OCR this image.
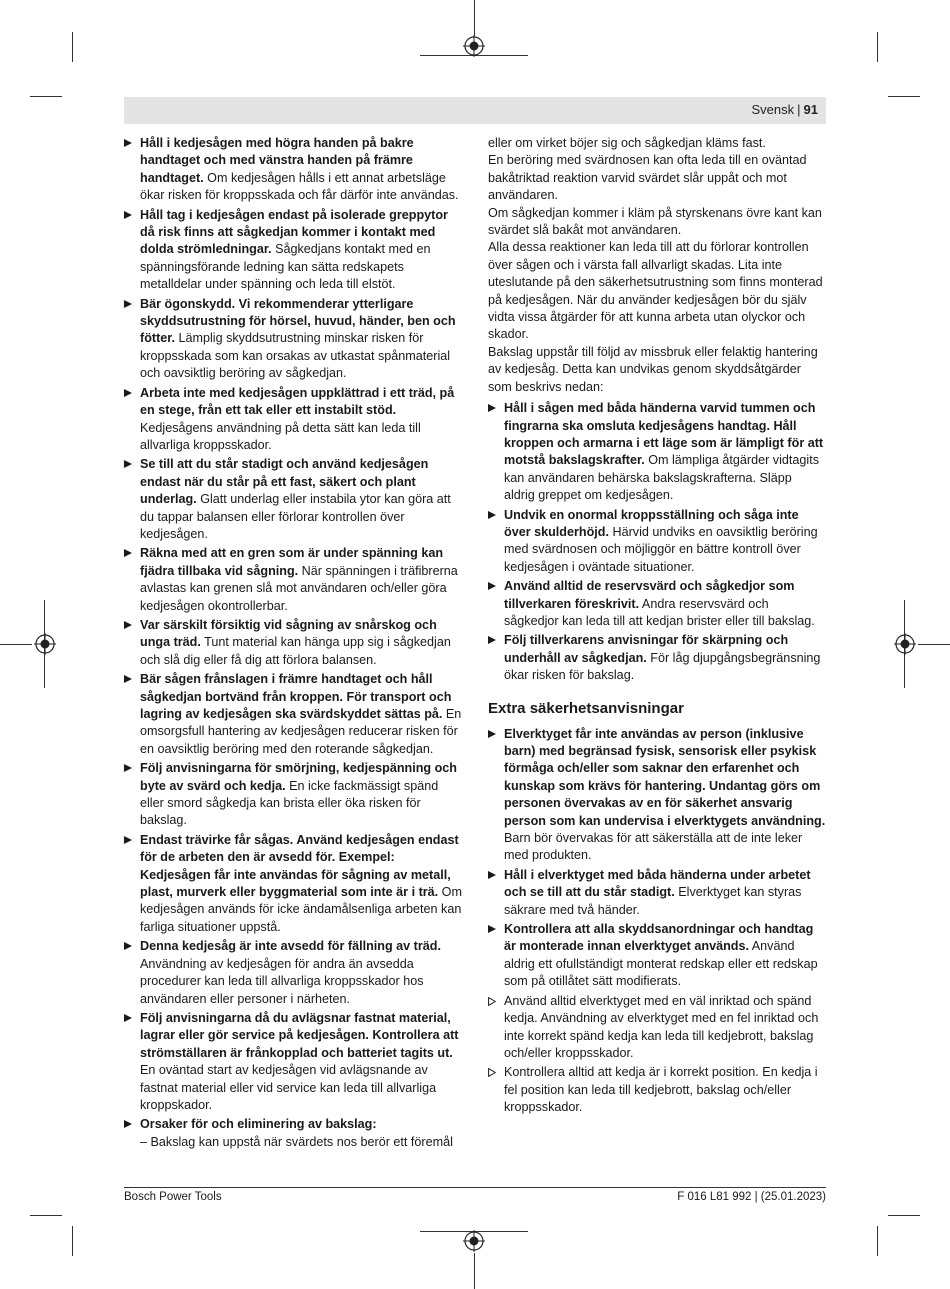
Svensk | 91
Håll i kedjesågen med högra handen på bakre handtaget och med vänstra handen på främre handtaget. Om kedjesågen hålls i ett annat arbetsläge ökar risken för kroppsskada och får därför inte användas.
Håll tag i kedjesågen endast på isolerade greppytor då risk finns att sågkedjan kommer i kontakt med dolda strömledningar. Sågkedjans kontakt med en spänningsförande ledning kan sätta redskapets metalldelar under spänning och leda till elstöt.
Bär ögonskydd. Vi rekommenderar ytterligare skyddsutrustning för hörsel, huvud, händer, ben och fötter. Lämplig skyddsutrustning minskar risken för kroppsskada som kan orsakas av utkastat spånmaterial och oavsiktlig beröring av sågkedjan.
Arbeta inte med kedjesågen uppklättrad i ett träd, på en stege, från ett tak eller ett instabilt stöd. Kedjesågens användning på detta sätt kan leda till allvarliga kroppsskador.
Se till att du står stadigt och använd kedjesågen endast när du står på ett fast, säkert och plant underlag. Glatt underlag eller instabila ytor kan göra att du tappar balansen eller förlorar kontrollen över kedjesågen.
Räkna med att en gren som är under spänning kan fjädra tillbaka vid sågning. När spänningen i träfibrerna avlastas kan grenen slå mot användaren och/eller göra kedjesågen okontrollerbar.
Var särskilt försiktig vid sågning av snårskog och unga träd. Tunt material kan hänga upp sig i sågkedjan och slå dig eller få dig att förlora balansen.
Bär sågen frånslagen i främre handtaget och håll sågkedjan bortvänd från kroppen. För transport och lagring av kedjesågen ska svärdskyddet sättas på. En omsorgsfull hantering av kedjesågen reducerar risken för en oavsiktlig beröring med den roterande sågkedjan.
Följ anvisningarna för smörjning, kedjespänning och byte av svärd och kedja. En icke fackmässigt spänd eller smord sågkedja kan brista eller öka risken för bakslag.
Endast trävirke får sågas. Använd kedjesågen endast för de arbeten den är avsedd för. Exempel: Kedjesågen får inte användas för sågning av metall, plast, murverk eller byggmaterial som inte är i trä. Om kedjesågen används för icke ändamålsenliga arbeten kan farliga situationer uppstå.
Denna kedjesåg är inte avsedd för fällning av träd. Användning av kedjesågen för andra än avsedda procedurer kan leda till allvarliga kroppsskador hos användaren eller personer i närheten.
Följ anvisningarna då du avlägsnar fastnat material, lagrar eller gör service på kedjesågen. Kontrollera att strömställaren är frånkopplad och batteriet tagits ut. En oväntad start av kedjesågen vid avlägsnande av fastnat material eller vid service kan leda till allvarliga kroppskador.
Orsaker för och eliminering av bakslag:
– Bakslag kan uppstå när svärdets nos berör ett föremål
eller om virket böjer sig och sågkedjan kläms fast.
En beröring med svärdnosen kan ofta leda till en oväntad bakåtriktad reaktion varvid svärdet slår uppåt och mot användaren.
Om sågkedjan kommer i kläm på styrskenans övre kant kan svärdet slå bakåt mot användaren.
Alla dessa reaktioner kan leda till att du förlorar kontrollen över sågen och i värsta fall allvarligt skadas. Lita inte uteslutande på den säkerhetsutrustning som finns monterad på kedjesågen. När du använder kedjesågen bör du själv vidta vissa åtgärder för att kunna arbeta utan olyckor och skador.
Bakslag uppstår till följd av missbruk eller felaktig hantering av kedjesåg. Detta kan undvikas genom skyddsåtgärder som beskrivs nedan:
Håll i sågen med båda händerna varvid tummen och fingrarna ska omsluta kedjesågens handtag. Håll kroppen och armarna i ett läge som är lämpligt för att motstå bakslagskrafter. Om lämpliga åtgärder vidtagits kan användaren behärska bakslagskrafterna. Släpp aldrig greppet om kedjesågen.
Undvik en onormal kroppsställning och såga inte över skulderhöjd. Härvid undviks en oavsiktlig beröring med svärdnosen och möjliggör en bättre kontroll över kedjesågen i oväntade situationer.
Använd alltid de reservsvärd och sågkedjor som tillverkaren föreskrivit. Andra reservsvärd och sågkedjor kan leda till att kedjan brister eller till bakslag.
Följ tillverkarens anvisningar för skärpning och underhåll av sågkedjan. För låg djupgångsbegränsning ökar risken för bakslag.
Extra säkerhetsanvisningar
Elverktyget får inte användas av person (inklusive barn) med begränsad fysisk, sensorisk eller psykisk förmåga och/eller som saknar den erfarenhet och kunskap som krävs för hantering. Undantag görs om personen övervakas av en för säkerhet ansvarig person som kan undervisa i elverktygets användning. Barn bör övervakas för att säkerställa att de inte leker med produkten.
Håll i elverktyget med båda händerna under arbetet och se till att du står stadigt. Elverktyget kan styras säkrare med två händer.
Kontrollera att alla skyddsanordningar och handtag är monterade innan elverktyget används. Använd aldrig ett ofullständigt monterat redskap eller ett redskap som på otillåtet sätt modifierats.
Använd alltid elverktyget med en väl inriktad och spänd kedja. Användning av elverktyget med en fel inriktad och inte korrekt spänd kedja kan leda till kedjebrott, bakslag och/eller kroppsskador.
Kontrollera alltid att kedja är i korrekt position. En kedja i fel position kan leda till kedjebrott, bakslag och/eller kroppsskador.
Bosch Power Tools	F 016 L81 992 | (25.01.2023)
